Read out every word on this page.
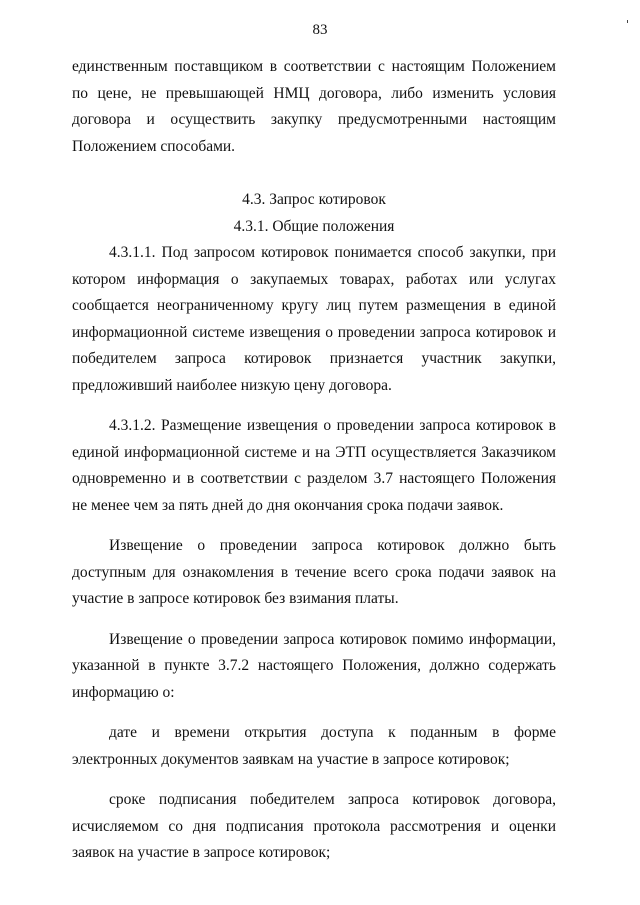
83

единственным поставщиком в соответствии с настоящим Положением по цене, не превышающей НМЦ договора, либо изменить условия договора и осуществить закупку предусмотренными настоящим Положением способами.

4.3. Запрос котировок

4.3.1. Общие положения

4.3.1.1. Под запросом котировок понимается способ закупки, при котором информация о закупаемых товарах, работах или услугах сообщается неограниченному кругу лиц путем размещения в единой информационной системе извещения о проведении запроса котировок и победителем запроса котировок признается участник закупки, предложивший наиболее низкую цену договора.

4.3.1.2. Размещение извещения о проведении запроса котировок в единой информационной системе и на ЭТП осуществляется Заказчиком одновременно и в соответствии с разделом 3.7 настоящего Положения не менее чем за пять дней до дня окончания срока подачи заявок.

Извещение о проведении запроса котировок должно быть доступным для ознакомления в течение всего срока подачи заявок на участие в запросе котировок без взимания платы.

Извещение о проведении запроса котировок помимо информации, указанной в пункте 3.7.2 настоящего Положения, должно содержать информацию о:

дате и времени открытия доступа к поданным в форме электронных документов заявкам на участие в запросе котировок;

сроке подписания победителем запроса котировок договора, исчисляемом со дня подписания протокола рассмотрения и оценки заявок на участие в запросе котировок;
